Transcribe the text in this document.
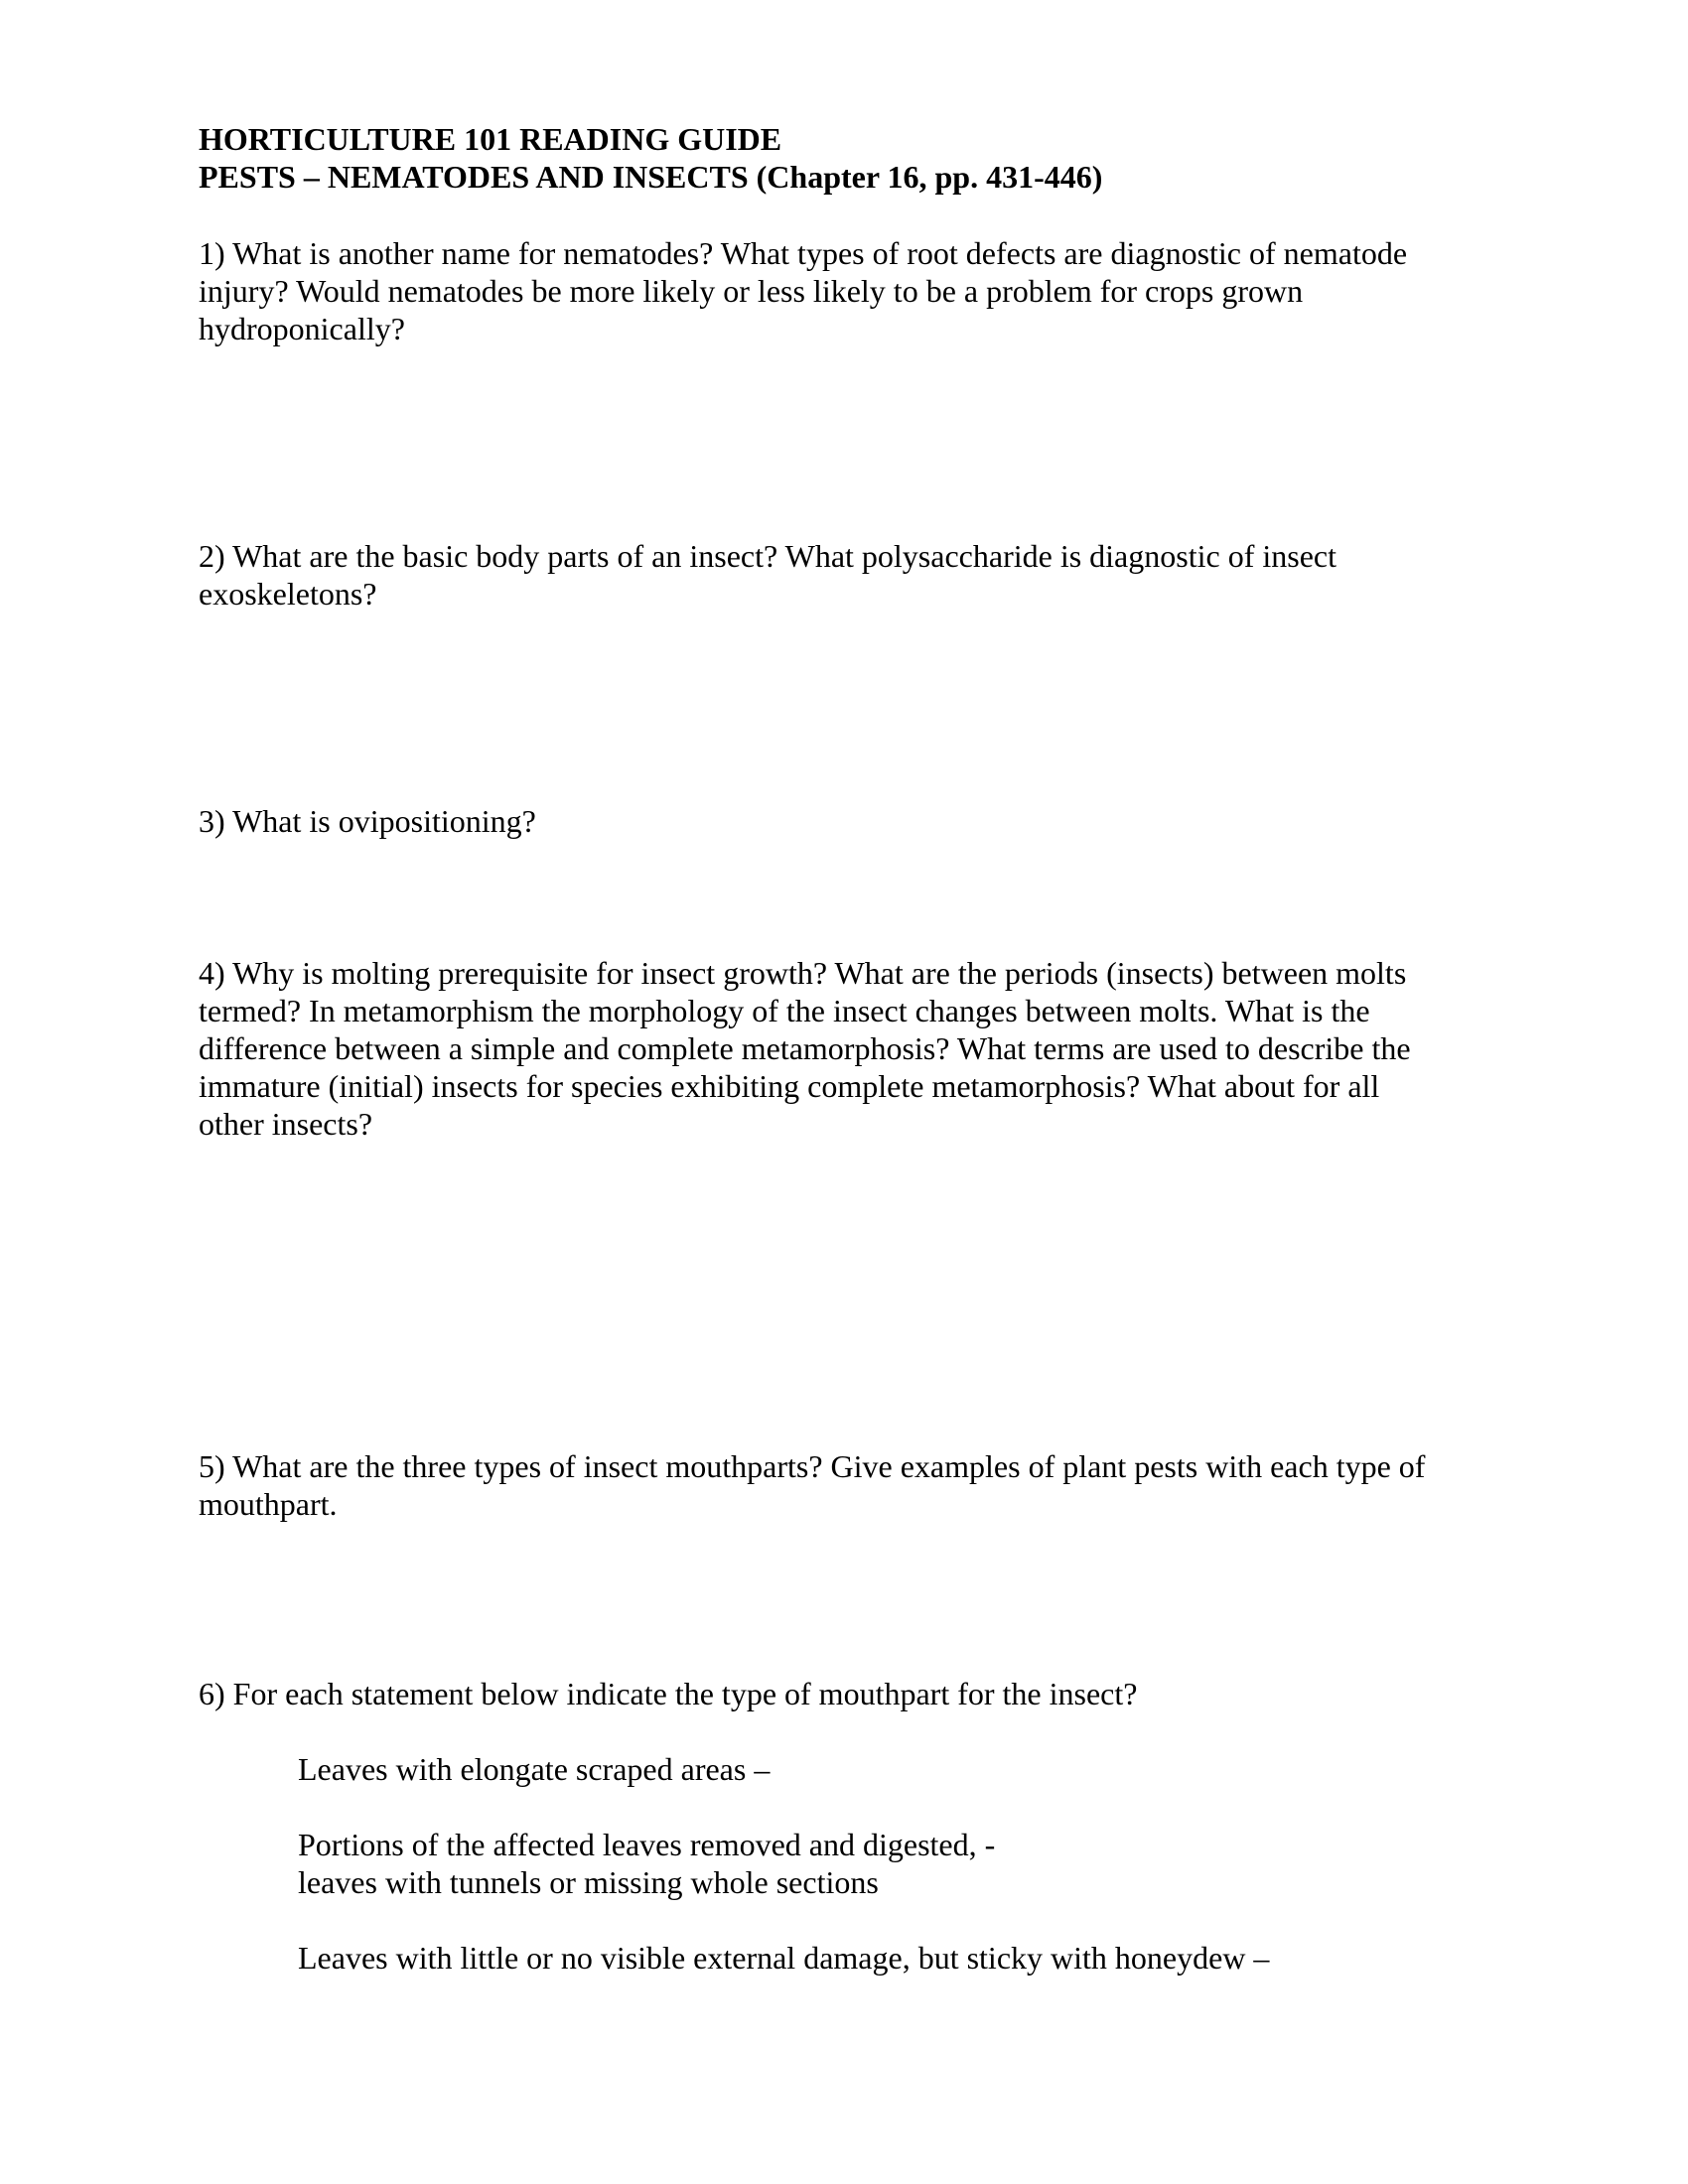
HORTICULTURE 101 READING GUIDE
PESTS – NEMATODES AND INSECTS (Chapter 16, pp. 431-446)
1) What is another name for nematodes? What types of root defects are diagnostic of nematode
injury? Would nematodes be more likely or less likely to be a problem for crops grown
hydroponically?
2) What are the basic body parts of an insect? What polysaccharide is diagnostic of insect
exoskeletons?
3) What is ovipositioning?
4) Why is molting prerequisite for insect growth? What are the periods (insects) between molts
termed? In metamorphism the morphology of the insect changes between molts. What is the
difference between a simple and complete metamorphosis? What terms are used to describe the
immature (initial) insects for species exhibiting complete metamorphosis? What about for all
other insects?
5) What are the three types of insect mouthparts? Give examples of plant pests with each type of
mouthpart.
6) For each statement below indicate the type of mouthpart for the insect?
Leaves with elongate scraped areas –
Portions of the affected leaves removed and digested, -
leaves with tunnels or missing whole sections
Leaves with little or no visible external damage, but sticky with honeydew –
